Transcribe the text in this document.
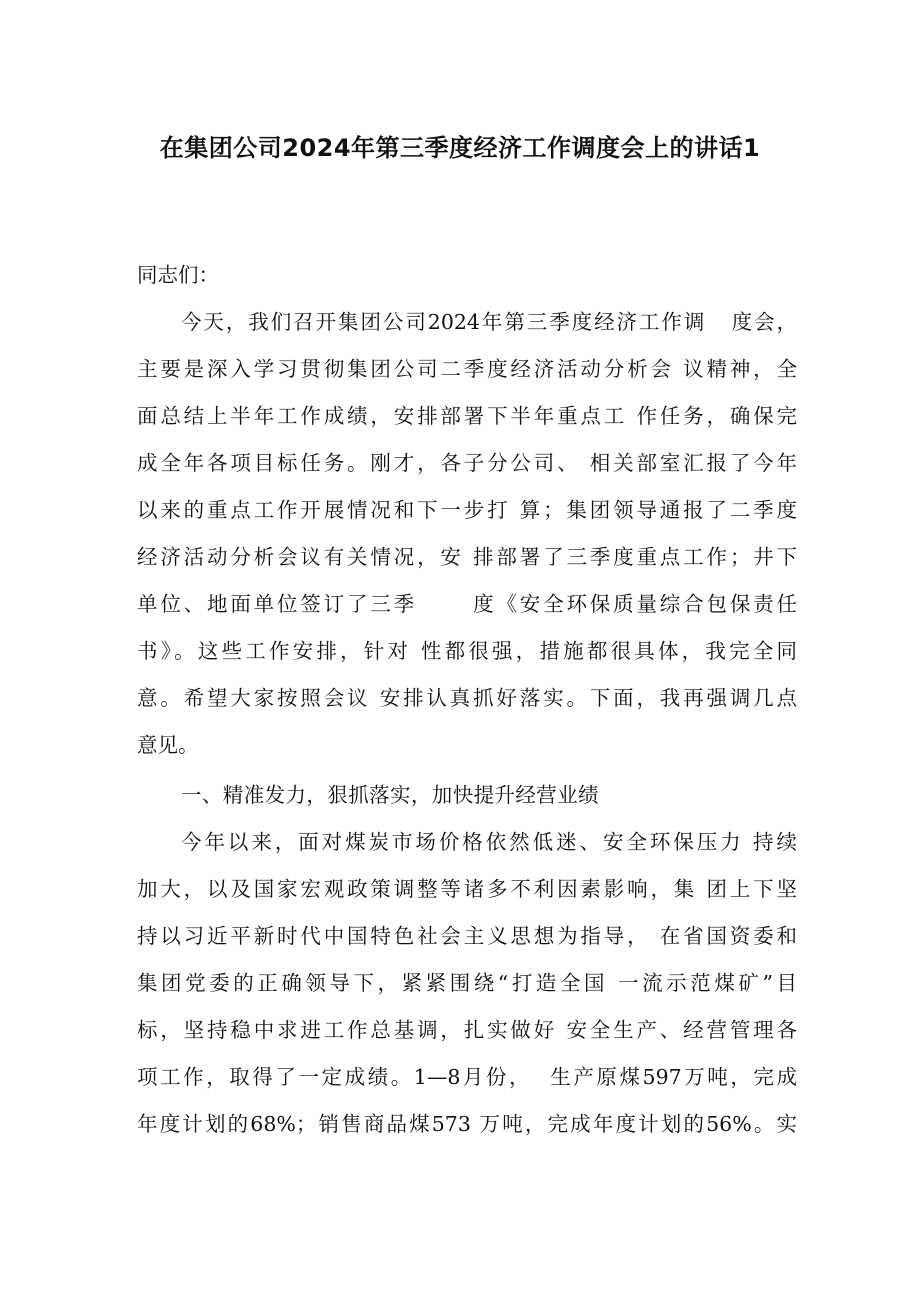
在集团公司2024年第三季度经济工作调度会上的讲话1
同志们：
今天，我们召开集团公司2024年第三季度经济工作调   度会，
主要是深入学习贯彻集团公司二季度经济活动分析会 议精神，全
面总结上半年工作成绩，安排部署下半年重点工 作任务，确保完
成全年各项目标任务。刚才，各子分公司、 相关部室汇报了今年
以来的重点工作开展情况和下一步打 算；集团领导通报了二季度
经济活动分析会议有关情况，安 排部署了三季度重点工作；井下
单位、地面单位签订了三季      度《安全环保质量综合包保责任
书》。这些工作安排，针对 性都很强，措施都很具体，我完全同
意。希望大家按照会议 安排认真抓好落实。下面，我再强调几点
意见。
一、精准发力，狠抓落实，加快提升经营业绩
今年以来，面对煤炭市场价格依然低迷、安全环保压力 持续
加大，以及国家宏观政策调整等诸多不利因素影响，集 团上下坚
持以习近平新时代中国特色社会主义思想为指导， 在省国资委和
集团党委的正确领导下，紧紧围绕“打造全国 一流示范煤矿”目
标，坚持稳中求进工作总基调，扎实做好 安全生产、经营管理各
项工作，取得了一定成绩。1—8月份，  生产原煤597万吨，完成
年度计划的68%；销售商品煤573 万吨，完成年度计划的56%。实
